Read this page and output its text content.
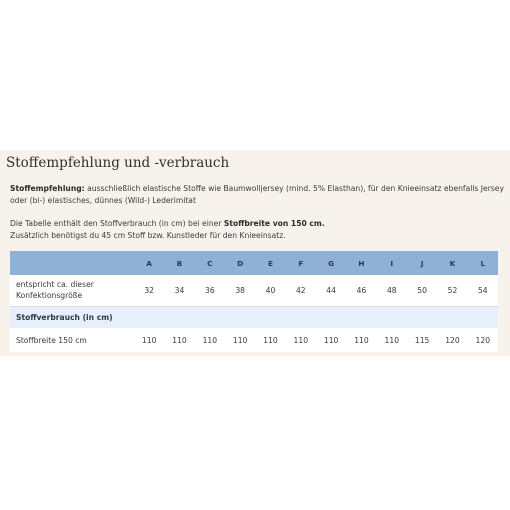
Stoffempfehlung und -verbrauch

Stoffempfehlung: ausschließlich elastische Stoffe wie Baumwolljersey (mind. 5% Elasthan), für den Knieeinsatz ebenfalls Jersey oder (bi-) elastisches, dünnes (Wild-) Lederimitat

Die Tabelle enthält den Stoffverbrauch (in cm) bei einer Stoffbreite von 150 cm.
Zusätzlich benötigst du 45 cm Stoff bzw. Kunstleder für den Knieeinsatz.

	A	B	C	D	E	F	G	H	I	J	K	L
entspricht ca. dieser
Konfektionsgröße	32	34	36	38	40	42	44	46	48	50	52	54
Stoffverbrauch (in cm)												
Stoffbreite 150 cm	110	110	110	110	110	110	110	110	110	115	120	120
